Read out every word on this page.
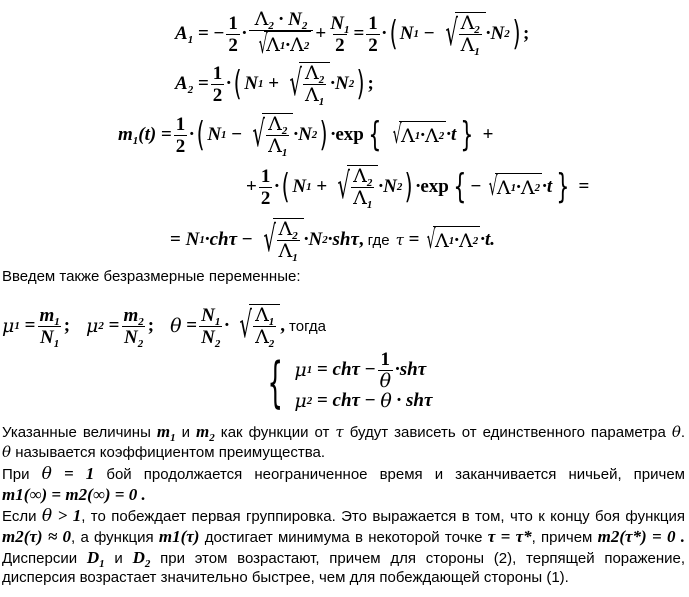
$A_1$
= − $\frac{1}{2} \cdot \frac{\Lambda_2 \cdot N_2}{√ \Lambda 1 \cdot \Lambda 2} + \frac{N_1}{2} = \frac{1}{2}$ · ( N 1
− √ $\frac{\Lambda_2}{\Lambda_1} \cdot N$ 2 ) ;
$A_2$
= $\frac{1}{2}$ · ( N 1
+ √ $\frac{\Lambda_2}{\Lambda_1} \cdot N$ 2 ) ;
$m_1(t)$
= $\frac{1}{2}$ · ( N 1
− √ $\frac{\Lambda_2}{\Lambda_1} \cdot N$ 2 ) · exp { √ Λ 1 · Λ 2 ·t }
+
+ $\frac{1}{2}$ · ( N 1
+ √ $\frac{\Lambda_2}{\Lambda_1} \cdot N$ 2 ) · exp { − √ Λ 1 · Λ 2 ·t }
=
= N 1 · chτ
− √ $\frac{\Lambda_2}{\Lambda_1} \cdot N$ 2 · shτ , где τ
= √ Λ 1 · Λ 2 ·t.
Введем также безразмерные переменные:
μ 1
= $\frac{m_1}{N_1}$ ; μ 2
= $\frac{m_2}{N_2}$ ; θ
= $\frac{N_1}{N_2}$ · √ $\frac{\Lambda_1}{\Lambda_2}$ , тогда
{ μ 1
=
chτ
− $\frac{1}{\theta} \cdot sh\tau$
μ 2
=
chτ
−
θ · shτ
Указанные величины $m_1$ и $m_2$ как функции от τ будут зависеть от единственного параметра θ.
θ называется коэффициентом преимущества.
При θ = 1 бой продолжается неограниченное время и заканчивается ничьей, причем
m1(∞) = m2(∞) = 0 .
Если θ > 1, то побеждает первая группировка. Это выражается в том, что к концу боя функция
m2(τ) ≈ 0, а функция m1(τ) достигает минимума в некоторой точке τ = τ*, причем m2(τ*) = 0 .
Дисперсии $D_1$ и $D_2$ при этом возрастают, причем для стороны (2), терпящей поражение,
дисперсия возрастает значительно быстрее, чем для побеждающей стороны (1).
